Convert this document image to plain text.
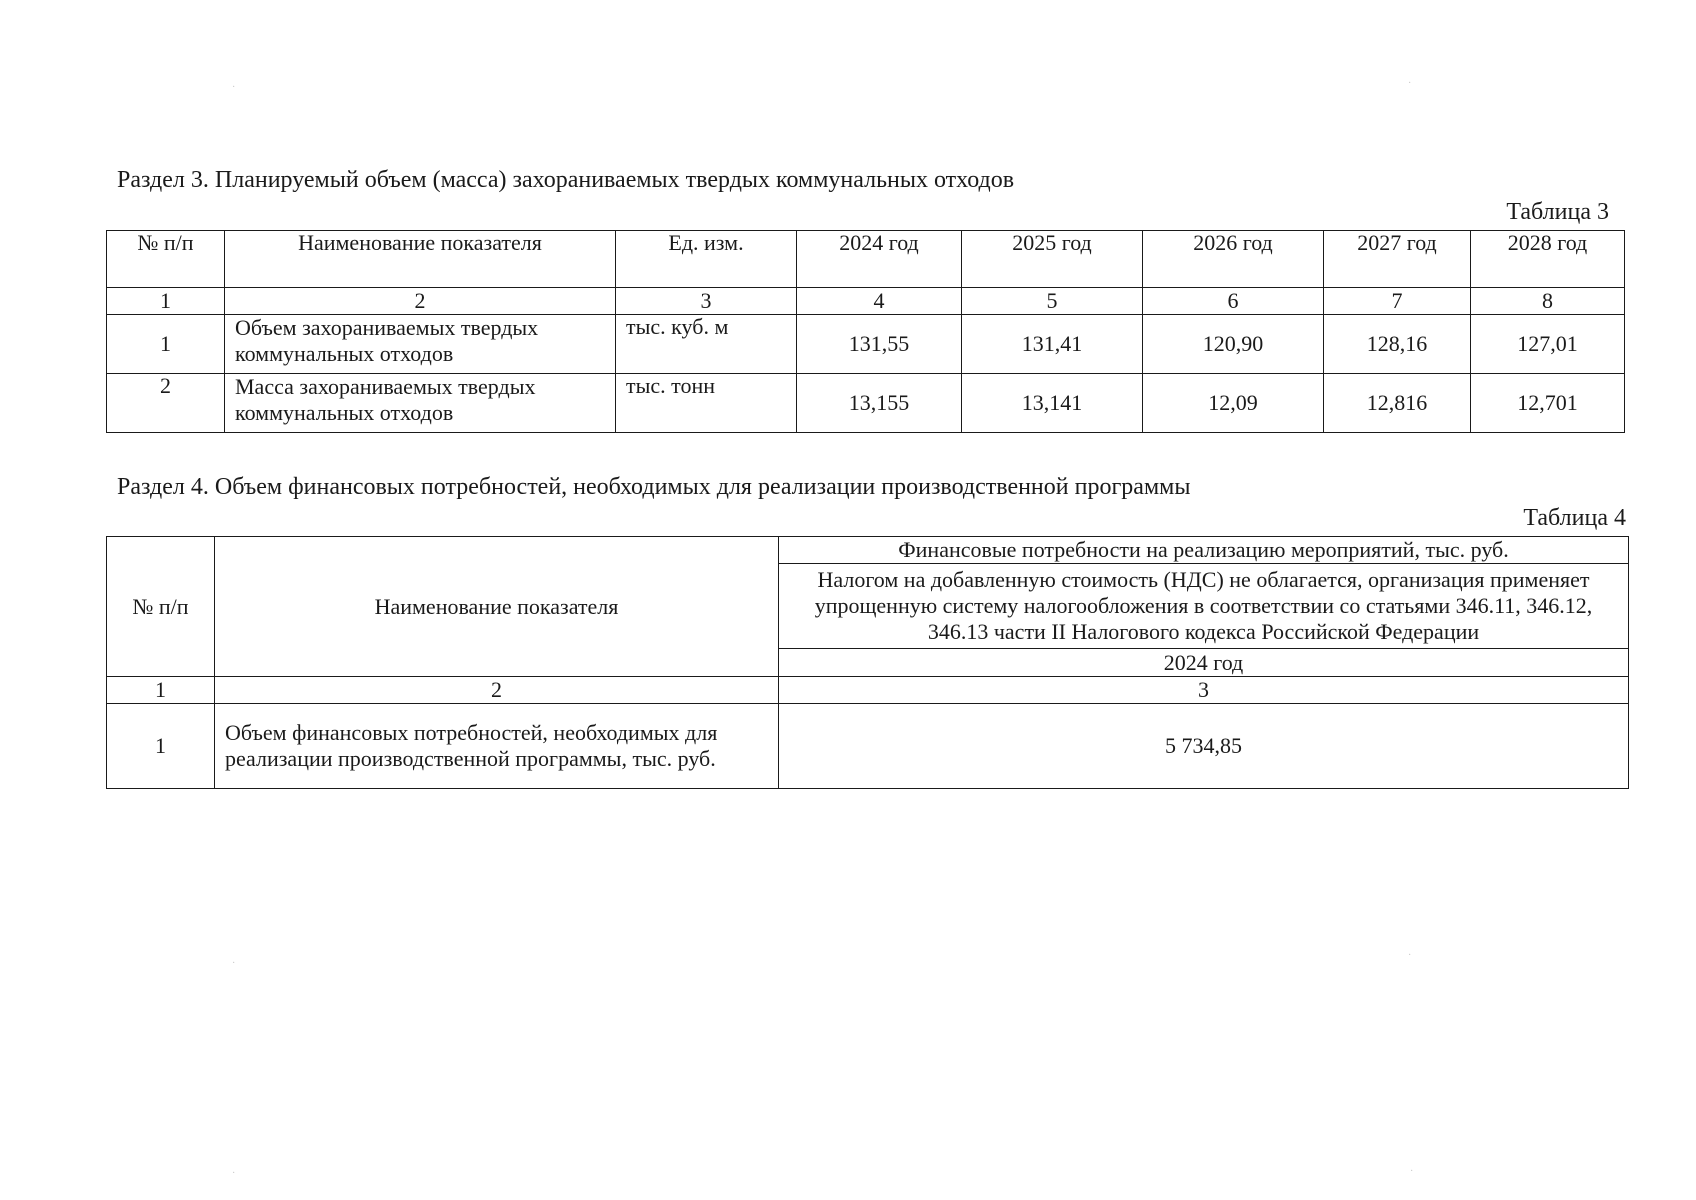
Раздел 3. Планируемый объем (масса) захораниваемых твердых коммунальных отходов
Таблица 3
№ п/п	Наименование показателя	Ед. изм.	2024 год	2025 год	2026 год	2027 год	2028 год
1	2	3	4	5	6	7	8
1	Объем захораниваемых твердых коммунальных отходов	тыс. куб. м	131,55	131,41	120,90	128,16	127,01
2	Масса захораниваемых твердых коммунальных отходов	тыс. тонн	13,155	13,141	12,09	12,816	12,701
Раздел 4. Объем финансовых потребностей, необходимых для реализации производственной программы
Таблица 4
№ п/п	Наименование показателя	Финансовые потребности на реализацию мероприятий, тыс. руб.
		Налогом на добавленную стоимость (НДС) не облагается, организация применяет упрощенную систему налогообложения в соответствии со статьями 346.11, 346.12, 346.13 части II Налогового кодекса Российской Федерации
		2024 год
1	2	3
1	Объем финансовых потребностей, необходимых для реализации производственной программы, тыс. руб.	5 734,85
·	·
·
·
·	·
